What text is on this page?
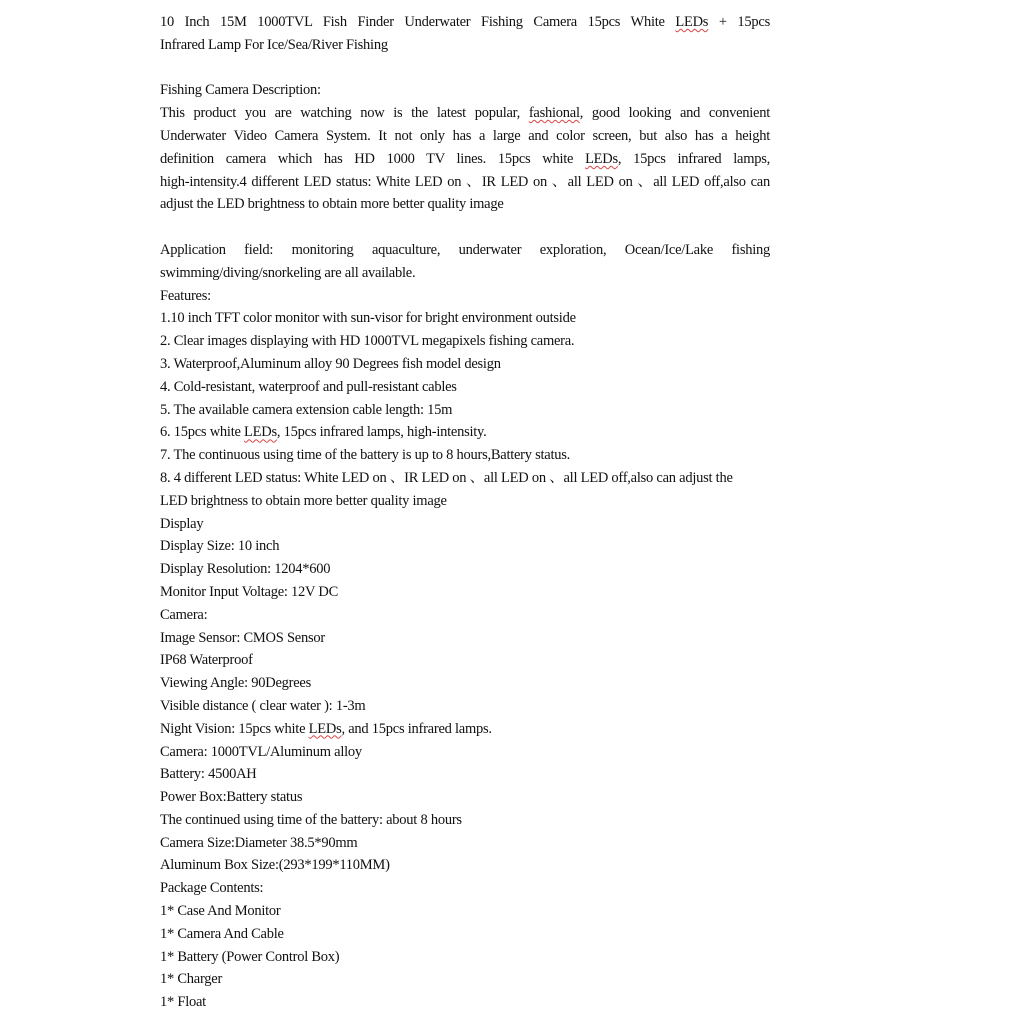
10 Inch 15M 1000TVL Fish Finder Underwater Fishing Camera 15pcs White LEDs + 15pcs
Infrared Lamp For Ice/Sea/River Fishing
Fishing Camera Description:
This product you are watching now is the latest popular, fashional, good looking and convenient
Underwater Video Camera System. It not only has a large and color screen, but also has a height
definition camera which has HD 1000 TV lines. 15pcs white LEDs, 15pcs infrared lamps,
high-intensity.4 different LED status: White LED on 、IR LED on 、all LED on 、all LED off,also can
adjust the LED brightness to obtain more better quality image
Application field: monitoring aquaculture, underwater exploration, Ocean/Ice/Lake fishing
swimming/diving/snorkeling are all available.
Features:
1.10 inch TFT color monitor with sun-visor for bright environment outside
2. Clear images displaying with HD 1000TVL megapixels fishing camera.
3. Waterproof,Aluminum alloy 90 Degrees fish model design
4. Cold-resistant, waterproof and pull-resistant cables
5. The available camera extension cable length: 15m
6. 15pcs white LEDs, 15pcs infrared lamps, high-intensity.
7. The continuous using time of the battery is up to 8 hours,Battery status.
8. 4 different LED status: White LED on 、IR LED on 、all LED on 、all LED off,also can adjust the
LED brightness to obtain more better quality image
Display
Display Size: 10 inch
Display Resolution: 1204*600
Monitor Input Voltage: 12V DC
Camera:
Image Sensor: CMOS Sensor
IP68 Waterproof
Viewing Angle: 90Degrees
Visible distance ( clear water ): 1-3m
Night Vision: 15pcs white LEDs, and 15pcs infrared lamps.
Camera: 1000TVL/Aluminum alloy
Battery: 4500AH
Power Box:Battery status
The continued using time of the battery: about 8 hours
Camera Size:Diameter 38.5*90mm
Aluminum Box Size:(293*199*110MM)
Package Contents:
1* Case And Monitor
1* Camera And Cable
1* Battery (Power Control Box)
1* Charger
1* Float
